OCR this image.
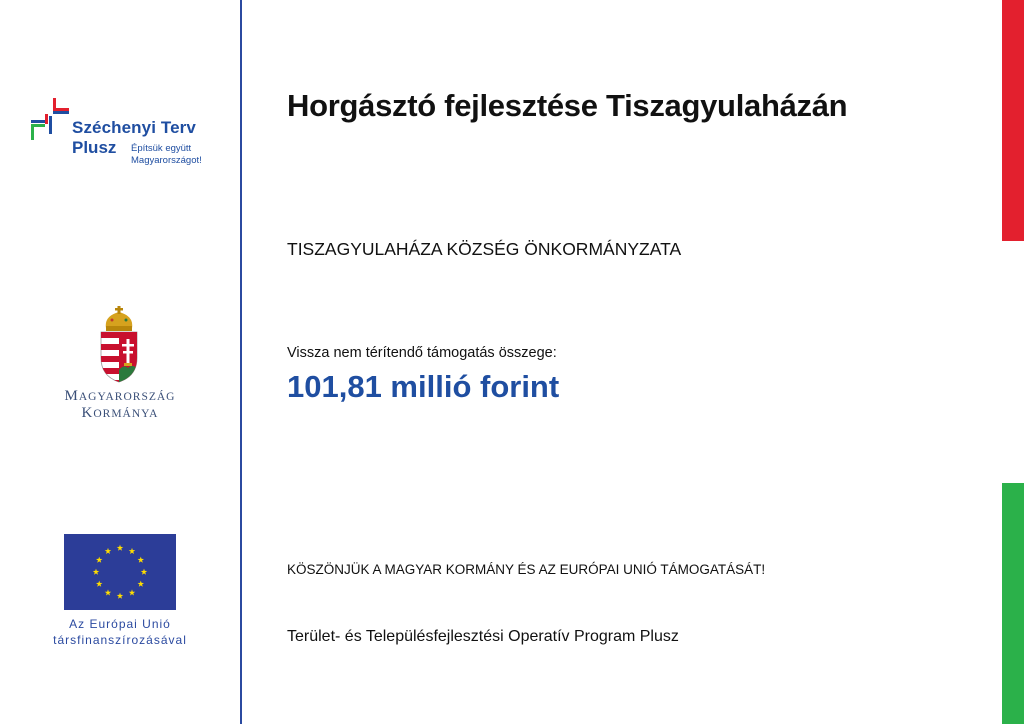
Széchenyi Terv
Plusz Építsük együtt
Magyarországot!
MAGYARORSZÁG
KORMÁNYA
Az Európai Unió
társfinanszírozásával
Horgásztó fejlesztése Tiszagyulaházán
TISZAGYULAHÁZA KÖZSÉG ÖNKORMÁNYZATA
Vissza nem térítendő támogatás összege:
101,81 millió forint
KÖSZÖNJÜK A MAGYAR KORMÁNY ÉS AZ EURÓPAI UNIÓ TÁMOGATÁSÁT!
Terület- és Településfejlesztési Operatív Program Plusz
